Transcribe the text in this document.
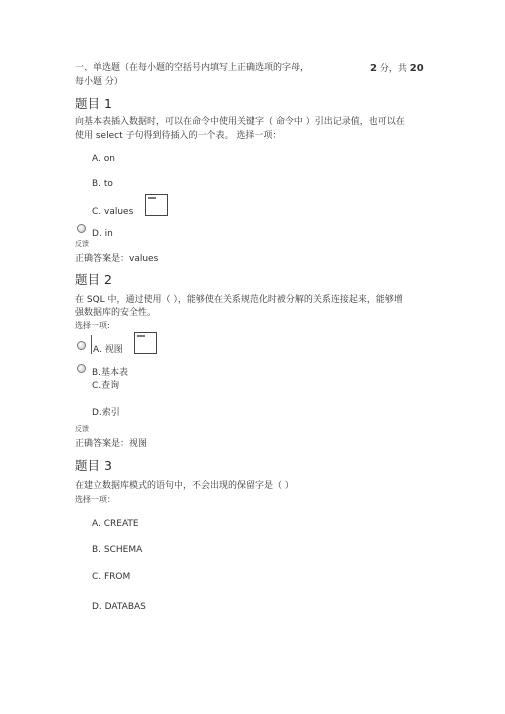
一、单选题（在每小题的空括号内填写上正确选项的字母，	2 分，共 20
每小题 分）
题目 1
向基本表插入数据时，可以在命令中使用关键字（ 命令中 ）引出记录值，也可以在
使用 select 子句得到待插入的一个表。 选择一项：
A. on
B. to
C. values
D. in
反馈
正确答案是：values
题目 2
在 SQL 中，通过使用（ ），能够使在关系规范化时被分解的关系连接起来，能够增
强数据库的安全性。
选择一项:
A. 视图
B.基本表
C.查询
D.索引
反馈
正确答案是：视图
题目 3
在建立数据库模式的语句中，不会出现的保留字是（ ）
选择一项：
A. CREATE
B. SCHEMA
C. FROM
D. DATABAS
